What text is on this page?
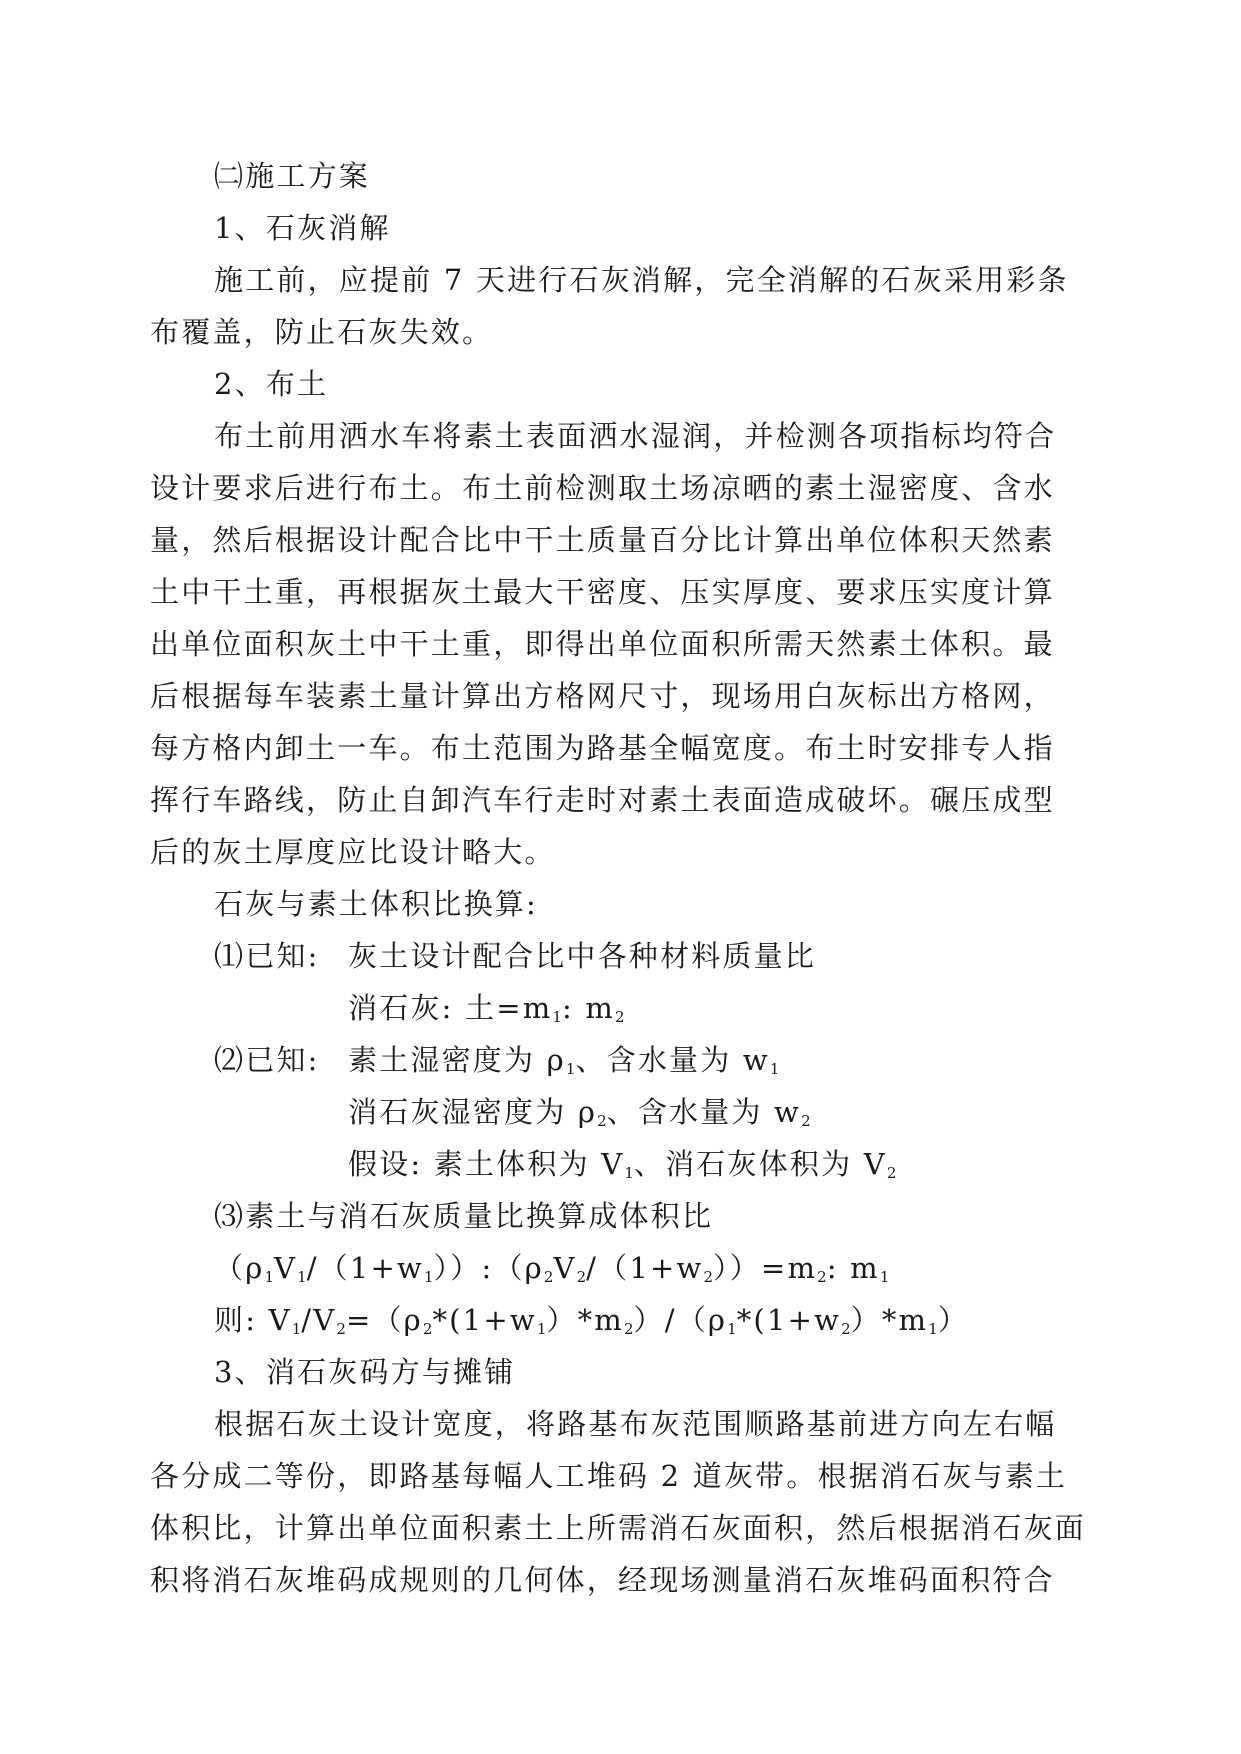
㈡施工方案
1、石灰消解
施工前，应提前 7 天进行石灰消解，完全消解的石灰采用彩条
布覆盖，防止石灰失效。
2、布土
布土前用洒水车将素土表面洒水湿润，并检测各项指标均符合
设计要求后进行布土。布土前检测取土场凉晒的素土湿密度、含水
量，然后根据设计配合比中干土质量百分比计算出单位体积天然素
土中干土重，再根据灰土最大干密度、压实厚度、要求压实度计算
出单位面积灰土中干土重，即得出单位面积所需天然素土体积。最
后根据每车装素土量计算出方格网尺寸，现场用白灰标出方格网，
每方格内卸土一车。布土范围为路基全幅宽度。布土时安排专人指
挥行车路线，防止自卸汽车行走时对素土表面造成破坏。碾压成型
后的灰土厚度应比设计略大。
石灰与素土体积比换算:
⑴已知: 灰土设计配合比中各种材料质量比
消石灰: 土$=m_1$: $m_2$
⑵已知: 素土湿密度为 $\rho_1$、含水量为 $w_1$
消石灰湿密度为 $\rho_2$、含水量为 $w_2$
假设: 素土体积为 $V_1$、消石灰体积为 $V_2$
⑶素土与消石灰质量比换算成体积比
$(\rho_1V_1/(1+w_1)):(\rho_2V_2/(1+w_2))=m_2$: $m_1$
则: $V_1/V_2=(\rho_2*(1+w_1)*m_2)/(\rho_1*(1+w_2)*m_1)$
3、消石灰码方与摊铺
根据石灰土设计宽度，将路基布灰范围顺路基前进方向左右幅
各分成二等份，即路基每幅人工堆码 2 道灰带。根据消石灰与素土
体积比，计算出单位面积素土上所需消石灰面积，然后根据消石灰面
积将消石灰堆码成规则的几何体，经现场测量消石灰堆码面积符合
